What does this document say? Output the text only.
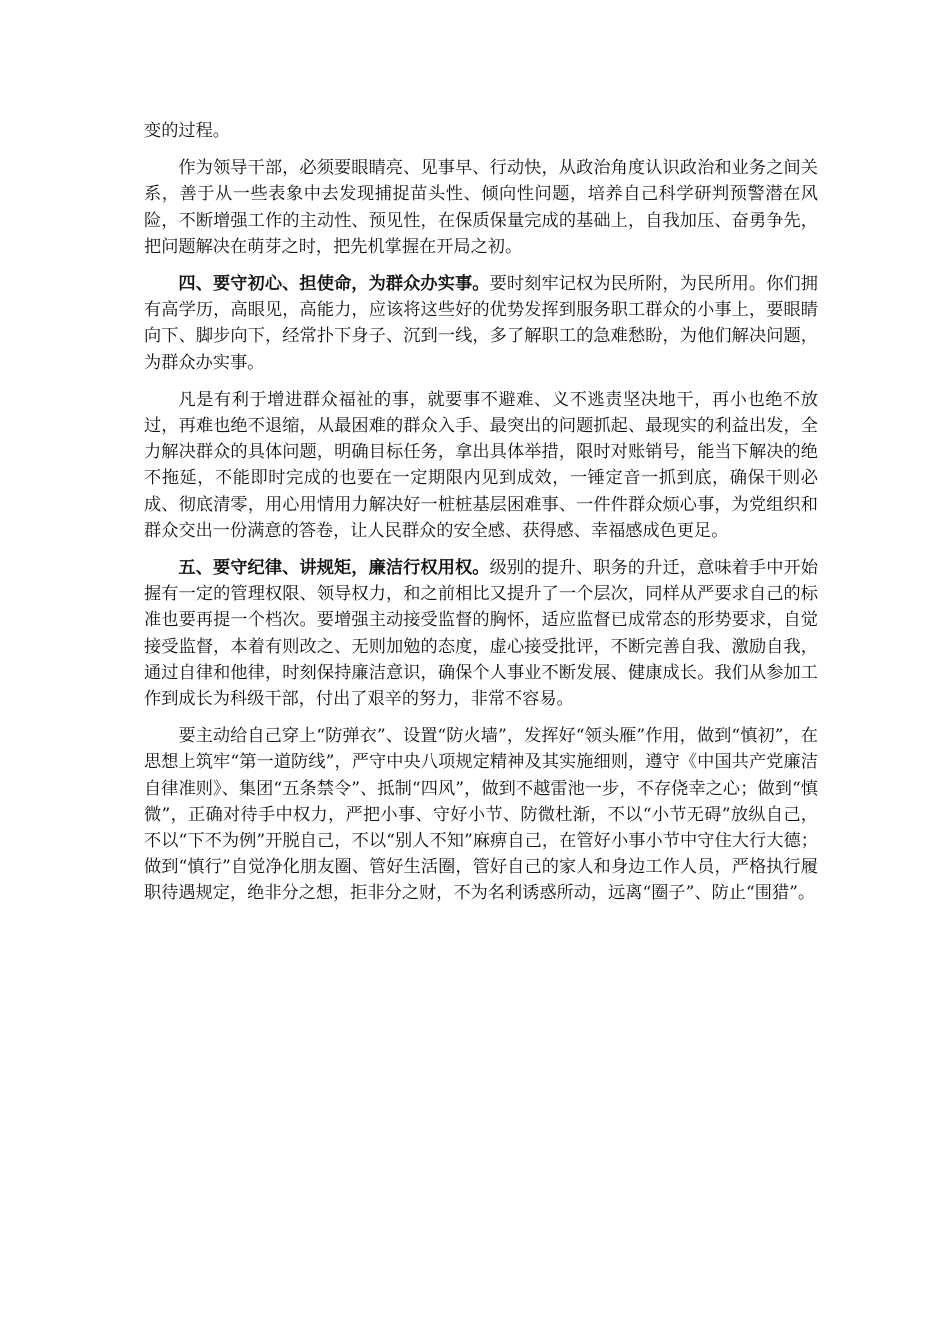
变的过程。

作为领导干部，必须要眼睛亮、见事早、行动快，从政治角度认识政治和业务之间关系，善于从一些表象中去发现捕捉苗头性、倾向性问题，培养自己科学研判预警潜在风险，不断增强工作的主动性、预见性，在保质保量完成的基础上，自我加压、奋勇争先，把问题解决在萌芽之时，把先机掌握在开局之初。

四、要守初心、担使命，为群众办实事。要时刻牢记权为民所附，为民所用。你们拥有高学历，高眼见，高能力，应该将这些好的优势发挥到服务职工群众的小事上，要眼睛向下、脚步向下，经常扑下身子、沉到一线，多了解职工的急难愁盼，为他们解决问题，为群众办实事。

凡是有利于增进群众福祉的事，就要事不避难、义不逃责坚决地干，再小也绝不放过，再难也绝不退缩，从最困难的群众入手、最突出的问题抓起、最现实的利益出发，全力解决群众的具体问题，明确目标任务，拿出具体举措，限时对账销号，能当下解决的绝不拖延，不能即时完成的也要在一定期限内见到成效，一锤定音一抓到底，确保干则必成、彻底清零，用心用情用力解决好一桩桩基层困难事、一件件群众烦心事，为党组织和群众交出一份满意的答卷，让人民群众的安全感、获得感、幸福感成色更足。

五、要守纪律、讲规矩，廉洁行权用权。级别的提升、职务的升迁，意味着手中开始握有一定的管理权限、领导权力，和之前相比又提升了一个层次，同样从严要求自己的标准也要再提一个档次。要增强主动接受监督的胸怀，适应监督已成常态的形势要求，自觉接受监督，本着有则改之、无则加勉的态度，虚心接受批评，不断完善自我、激励自我，通过自律和他律，时刻保持廉洁意识，确保个人事业不断发展、健康成长。我们从参加工作到成长为科级干部，付出了艰辛的努力，非常不容易。

要主动给自己穿上“防弹衣”、设置“防火墙”，发挥好“领头雁”作用，做到“慎初”，在思想上筑牢“第一道防线”，严守中央八项规定精神及其实施细则，遵守《中国共产党廉洁自律准则》、集团“五条禁令”、抵制“四风”，做到不越雷池一步，不存侥幸之心；做到“慎微”，正确对待手中权力，严把小事、守好小节、防微杜渐，不以“小节无碍”放纵自己，不以“下不为例”开脱自己，不以“别人不知”麻痹自己，在管好小事小节中守住大行大德；做到“慎行”自觉净化朋友圈、管好生活圈，管好自己的家人和身边工作人员，严格执行履职待遇规定，绝非分之想，拒非分之财，不为名利诱惑所动，远离“圈子”、防止“围猎”。
